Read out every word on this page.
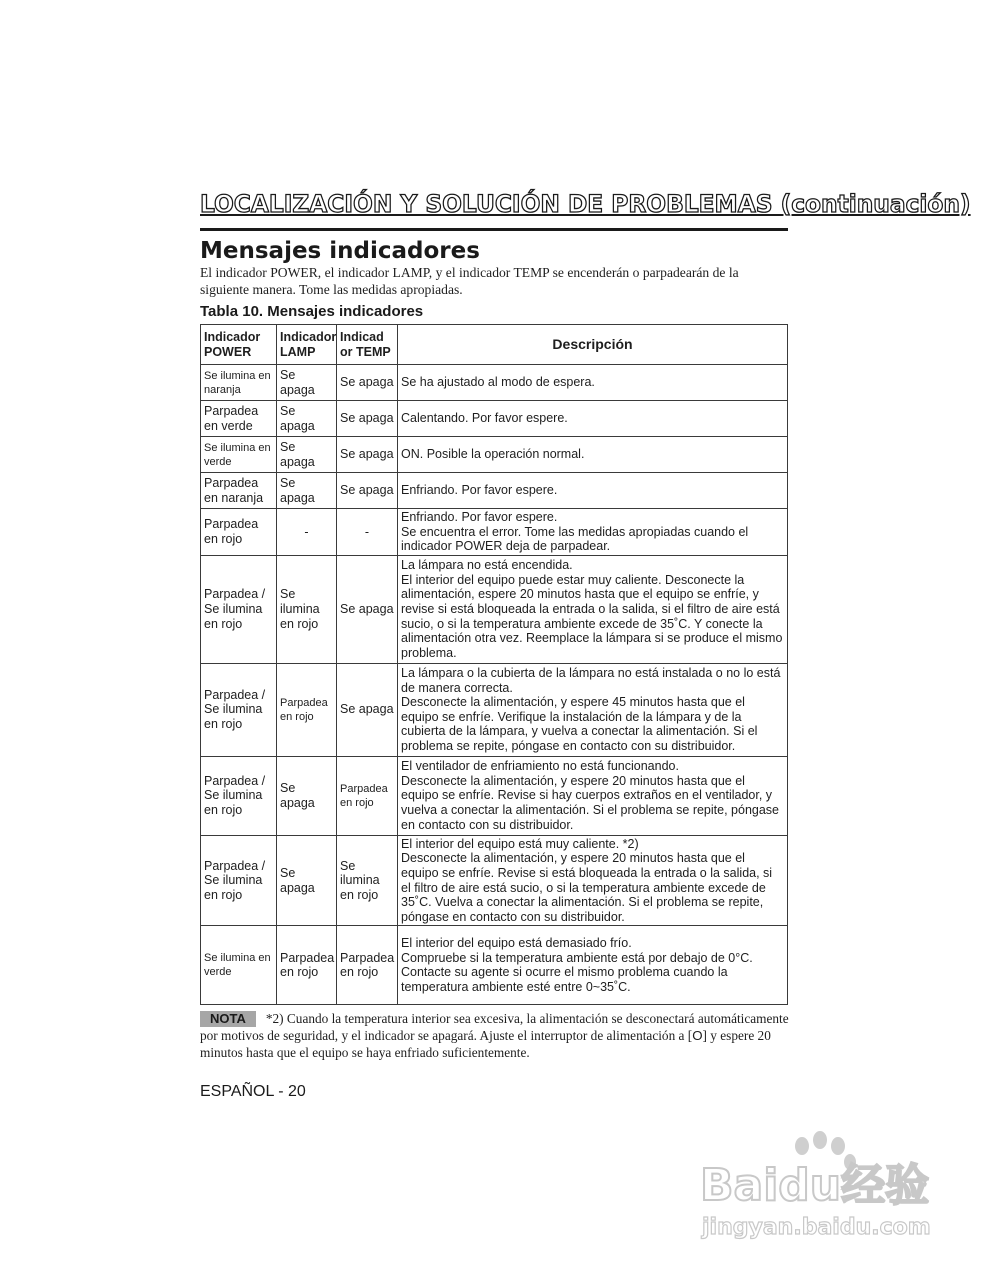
LOCALIZACIÓN Y SOLUCIÓN DE PROBLEMAS (continuación)
Mensajes indicadores
El indicador POWER, el indicador LAMP, y el indicador TEMP se encenderán o parpadearán de la siguiente manera. Tome las medidas apropiadas.
Tabla 10. Mensajes indicadores
Indicador POWER	Indicador LAMP	Indicad or TEMP	Descripción
Se ilumina en naranja	Se apaga	Se apaga	Se ha ajustado al modo de espera.
Parpadea en verde	Se apaga	Se apaga	Calentando. Por favor espere.
Se ilumina en verde	Se apaga	Se apaga	ON. Posible la operación normal.
Parpadea en naranja	Se apaga	Se apaga	Enfriando. Por favor espere.
Parpadea en rojo	-	-	Enfriando. Por favor espere.
Se encuentra el error. Tome las medidas apropiadas cuando el indicador POWER deja de parpadear.
Parpadea / Se ilumina en rojo	Se ilumina en rojo	Se apaga	La lámpara no está encendida.
El interior del equipo puede estar muy caliente. Desconecte la alimentación, espere 20 minutos hasta que el equipo se enfríe, y revise si está bloqueada la entrada o la salida, si el filtro de aire está sucio, o si la temperatura ambiente excede de 35˚C. Y conecte la alimentación otra vez. Reemplace la lámpara si se produce el mismo problema.
Parpadea / Se ilumina en rojo	Parpadea en rojo	Se apaga	La lámpara o la cubierta de la lámpara no está instalada o no lo está de manera correcta.
Desconecte la alimentación, y espere 45 minutos hasta que el equipo se enfríe. Verifique la instalación de la lámpara y de la cubierta de la lámpara, y vuelva a conectar la alimentación. Si el problema se repite, póngase en contacto con su distribuidor.
Parpadea / Se ilumina en rojo	Se apaga	Parpadea en rojo	El ventilador de enfriamiento no está funcionando.
Desconecte la alimentación, y espere 20 minutos hasta que el equipo se enfríe. Revise si hay cuerpos extraños en el ventilador, y vuelva a conectar la alimentación. Si el problema se repite, póngase en contacto con su distribuidor.
Parpadea / Se ilumina en rojo	Se apaga	Se ilumina en rojo	El interior del equipo está muy caliente. *2)
Desconecte la alimentación, y espere 20 minutos hasta que el equipo se enfríe. Revise si está bloqueada la entrada o la salida, si el filtro de aire está sucio, o si la temperatura ambiente excede de 35˚C. Vuelva a conectar la alimentación. Si el problema se repite, póngase en contacto con su distribuidor.
Se ilumina en verde	Parpadea en rojo	Parpadea en rojo	El interior del equipo está demasiado frío.
Compruebe si la temperatura ambiente está por debajo de 0°C.
Contacte su agente si ocurre el mismo problema cuando la temperatura ambiente esté entre 0~35˚C.
NOTA *2) Cuando la temperatura interior sea excesiva, la alimentación se desconectará automáticamente por motivos de seguridad, y el indicador se apagará. Ajuste el interruptor de alimentación a [O] y espere 20 minutos hasta que el equipo se haya enfriado suficientemente.
ESPAÑOL - 20
Baidu经验
jingyan.baidu.com
